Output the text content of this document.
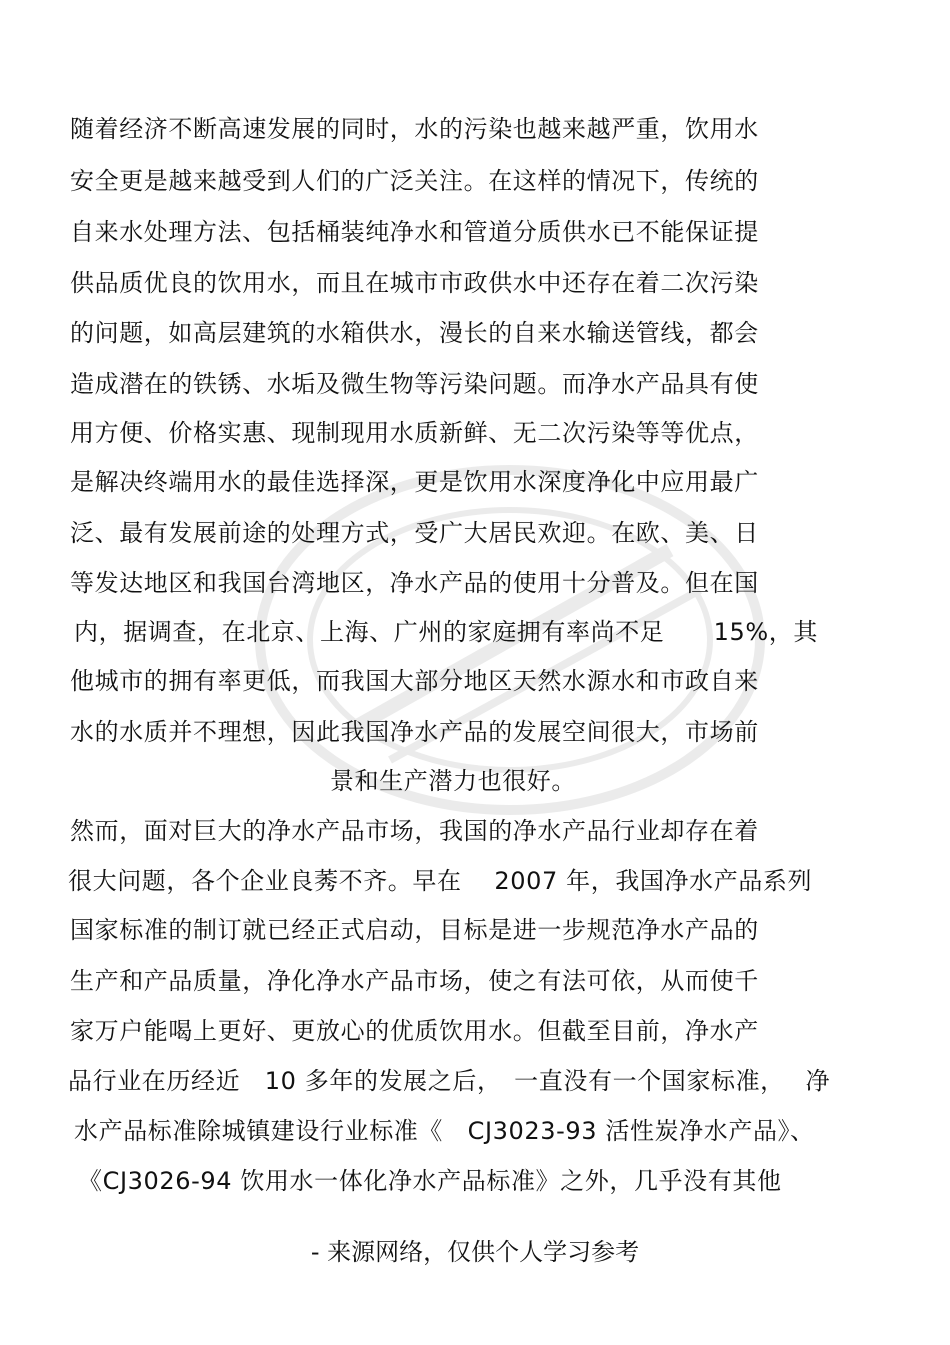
随着经济不断高速发展的同时，水的污染也越来越严重，饮用水
安全更是越来越受到人们的广泛关注。在这样的情况下，传统的
自来水处理方法、包括桶装纯净水和管道分质供水已不能保证提
供品质优良的饮用水，而且在城市市政供水中还存在着二次污染
的问题，如高层建筑的水箱供水，漫长的自来水输送管线，都会
造成潜在的铁锈、水垢及微生物等污染问题。而净水产品具有使
用方便、价格实惠、现制现用水质新鲜、无二次污染等等优点，
是解决终端用水的最佳选择深，更是饮用水深度净化中应用最广
泛、最有发展前途的处理方式，受广大居民欢迎。在欧、美、日
等发达地区和我国台湾地区，净水产品的使用十分普及。但在国
内，据调查，在北京、上海、广州的家庭拥有率尚不足　　15%，其
他城市的拥有率更低，而我国大部分地区天然水源水和市政自来
水的水质并不理想，因此我国净水产品的发展空间很大，市场前
景和生产潜力也很好。
然而，面对巨大的净水产品市场，我国的净水产品行业却存在着
很大问题，各个企业良莠不齐。早在　 2007 年，我国净水产品系列
国家标准的制订就已经正式启动，目标是进一步规范净水产品的
生产和产品质量，净化净水产品市场，使之有法可依，从而使千
家万户能喝上更好、更放心的优质饮用水。但截至目前，净水产
品行业在历经近　10 多年的发展之后，　一直没有一个国家标准，　 净
水产品标准除城镇建设行业标准《　CJ3023-93 活性炭净水产品》、
《CJ3026-94 饮用水一体化净水产品标准》之外，几乎没有其他
- 来源网络，仅供个人学习参考
